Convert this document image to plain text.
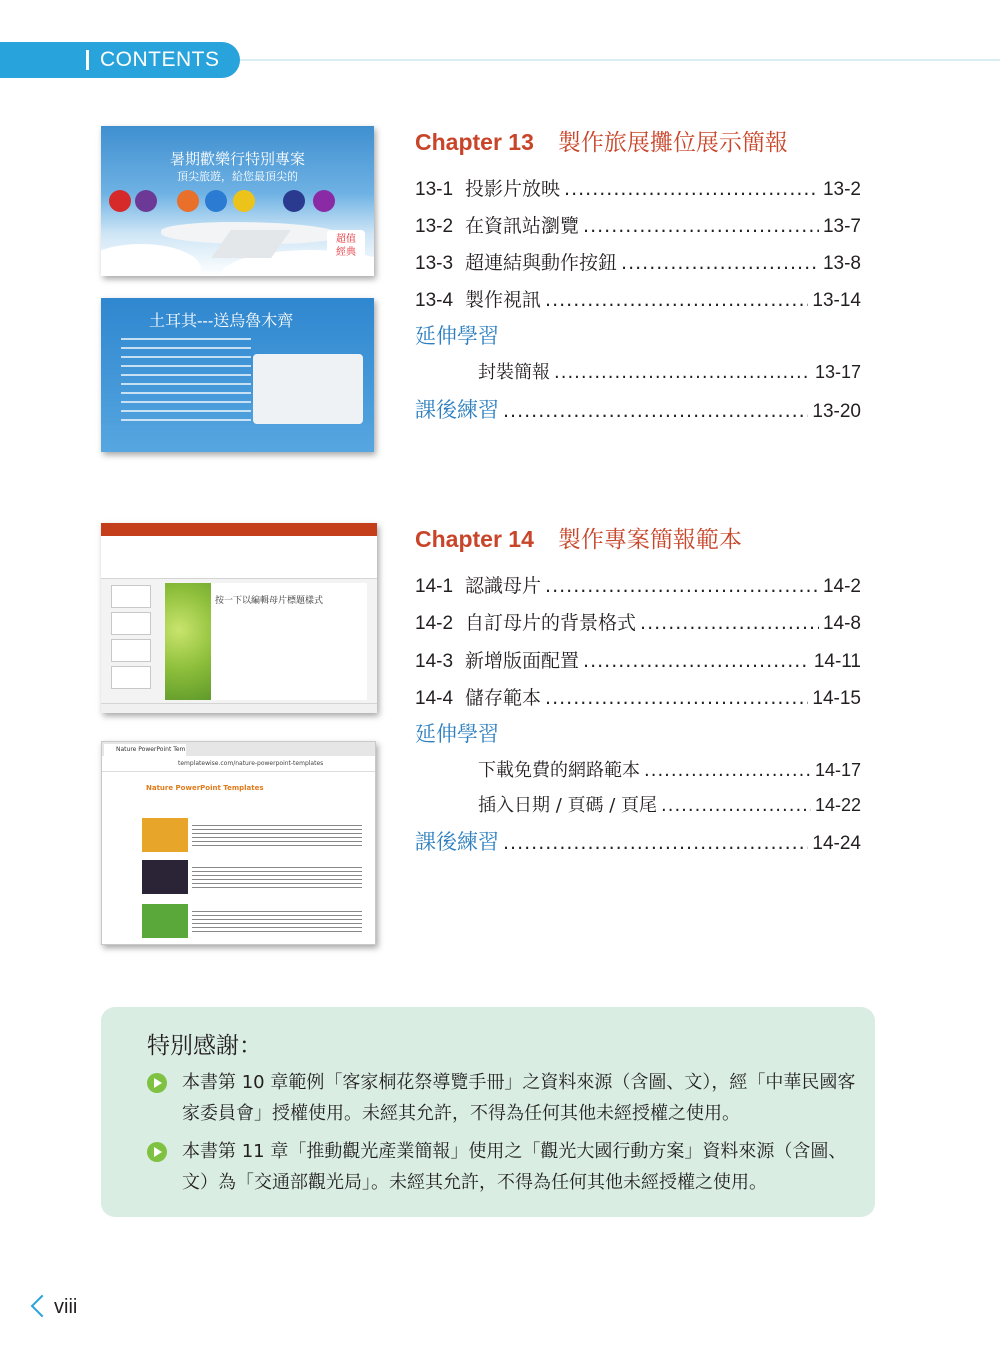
CONTENTS
暑期歡樂行特別專案
頂尖旅遊，給您最頂尖的
超值
經典
土耳其---送烏魯木齊
按一下以編輯母片標題樣式
Nature PowerPoint Tem
templatewise.com/nature-powerpoint-templates
Nature PowerPoint Templates
Chapter 13 製作旅展攤位展示簡報
13-1 投影片放映 .....	13-2
13-2 在資訊站瀏覽 .....	13-7
13-3 超連結與動作按鈕 .....	13-8
13-4 製作視訊 .....	13-14
延伸學習
封裝簡報 .....	13-17
課後練習 .....	13-20
Chapter 14 製作專案簡報範本
14-1 認識母片 .....	14-2
14-2 自訂母片的背景格式 .....	14-8
14-3 新增版面配置 .....	14-11
14-4 儲存範本 .....	14-15
延伸學習
下載免費的網路範本 .....	14-17
插入日期 / 頁碼 / 頁尾 .....	14-22
課後練習 .....	14-24
特別感謝：
本書第 10 章範例「客家桐花祭導覽手冊」之資料來源（含圖、文），經「中華民國客家委員會」授權使用。未經其允許，不得為任何其他未經授權之使用。
本書第 11 章「推動觀光產業簡報」使用之「觀光大國行動方案」資料來源（含圖、文）為「交通部觀光局」。未經其允許，不得為任何其他未經授權之使用。
viii
